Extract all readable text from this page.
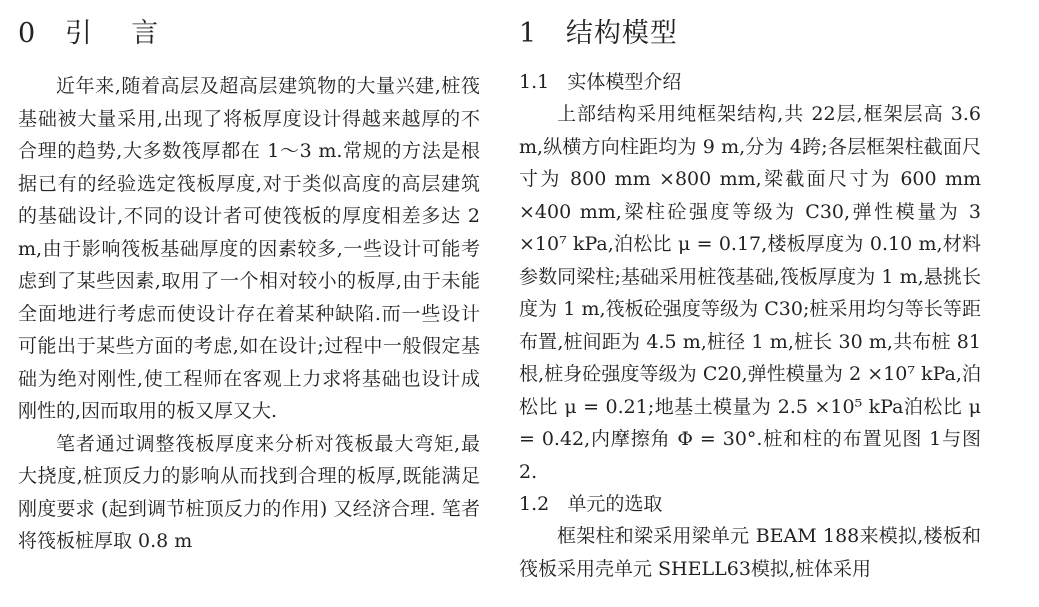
0   引    言

近年来,随着高层及超高层建筑物的大量兴建,桩筏基础被大量采用,出现了将板厚度设计得越来越厚的不合理的趋势,大多数筏厚都在 1～3 m.常规的方法是根据已有的经验选定筏板厚度,对于类似高度的高层建筑的基础设计,不同的设计者可使筏板的厚度相差多达 2 m,由于影响筏板基础厚度的因素较多,一些设计可能考虑到了某些因素,取用了一个相对较小的板厚,由于未能全面地进行考虑而使设计存在着某种缺陷.而一些设计可能出于某些方面的考虑,如在设计;过程中一般假定基础为绝对刚性,使工程师在客观上力求将基础也设计成刚性的,因而取用的板又厚又大.

笔者通过调整筏板厚度来分析对筏板最大弯矩,最大挠度,桩顶反力的影响从而找到合理的板厚,既能满足刚度要求 (起到调节桩顶反力的作用) 又经济合理. 笔者将筏板桩厚取 0.8 m

1   结构模型
1.1   实体模型介绍

上部结构采用纯框架结构,共 22层,框架层高 3.6 m,纵横方向柱距均为 9 m,分为 4跨;各层框架柱截面尺寸为 800 mm ×800 mm,梁截面尺寸为 600 mm ×400 mm,梁柱砼强度等级为 C30,弹性模量为 3 ×10⁷ kPa,泊松比 μ = 0.17,楼板厚度为 0.10 m,材料参数同梁柱;基础采用桩筏基础,筏板厚度为 1 m,悬挑长度为 1 m,筏板砼强度等级为 C30;桩采用均匀等长等距布置,桩间距为 4.5 m,桩径 1 m,桩长 30 m,共布桩 81根,桩身砼强度等级为 C20,弹性模量为 2 ×10⁷ kPa,泊松比 μ = 0.21;地基土模量为 2.5 ×10⁵ kPa泊松比 μ = 0.42,内摩擦角 Φ = 30°.桩和柱的布置见图 1与图 2.

1.2   单元的选取

框架柱和梁采用梁单元 BEAM 188来模拟,楼板和筏板采用壳单元 SHELL63模拟,桩体采用
